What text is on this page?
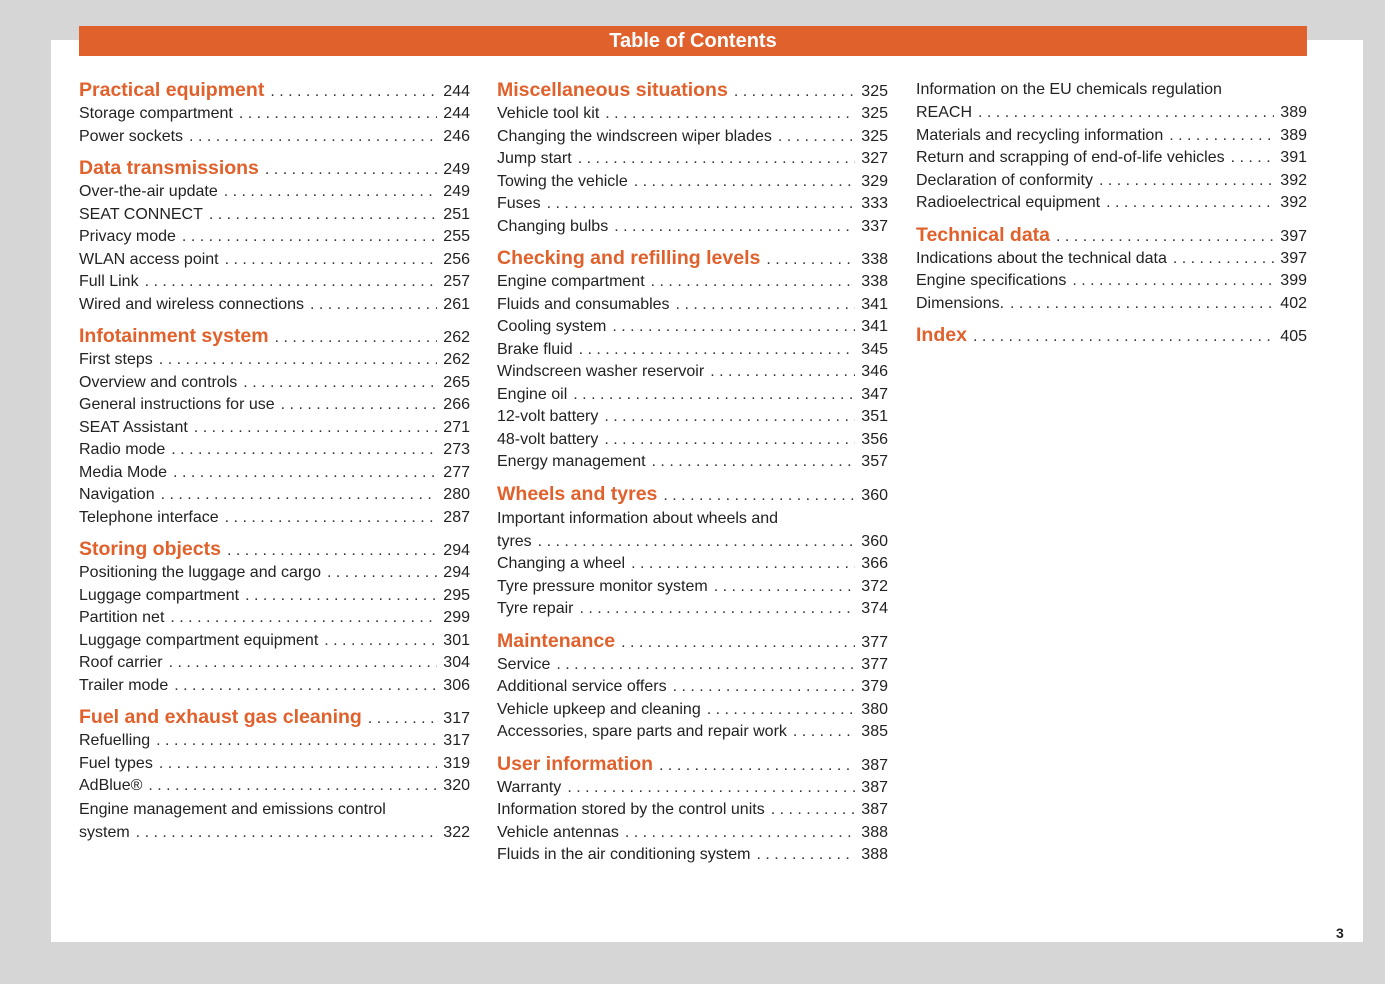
Table of Contents
Practical equipment . . .	244
Storage compartment . . .	244
Power sockets . . .	246
Data transmissions . . .	249
Over-the-air update . . .	249
SEAT CONNECT . . .	251
Privacy mode . . .	255
WLAN access point . . .	256
Full Link . . .	257
Wired and wireless connections . . .	261
Infotainment system . . .	262
First steps . . .	262
Overview and controls . . .	265
General instructions for use . . .	266
SEAT Assistant . . .	271
Radio mode . . .	273
Media Mode . . .	277
Navigation . . .	280
Telephone interface . . .	287
Storing objects . . .	294
Positioning the luggage and cargo . . .	294
Luggage compartment . . .	295
Partition net . . .	299
Luggage compartment equipment . . .	301
Roof carrier . . .	304
Trailer mode . . .	306
Fuel and exhaust gas cleaning . . .	317
Refuelling . . .	317
Fuel types . . .	319
AdBlue® . . .	320
Engine management and emissions control
system . . .	322
Miscellaneous situations . . .	325
Vehicle tool kit . . .	325
Changing the windscreen wiper blades . . .	325
Jump start . . .	327
Towing the vehicle . . .	329
Fuses . . .	333
Changing bulbs . . .	337
Checking and refilling levels . . .	338
Engine compartment . . .	338
Fluids and consumables . . .	341
Cooling system . . .	341
Brake fluid . . .	345
Windscreen washer reservoir . . .	346
Engine oil . . .	347
12-volt battery . . .	351
48-volt battery . . .	356
Energy management . . .	357
Wheels and tyres . . .	360
Important information about wheels and
tyres . . .	360
Changing a wheel . . .	366
Tyre pressure monitor system . . .	372
Tyre repair . . .	374
Maintenance . . .	377
Service . . .	377
Additional service offers . . .	379
Vehicle upkeep and cleaning . . .	380
Accessories, spare parts and repair work . . .	385
User information . . .	387
Warranty . . .	387
Information stored by the control units . . .	387
Vehicle antennas . . .	388
Fluids in the air conditioning system . . .	388
Information on the EU chemicals regulation
REACH . . .	389
Materials and recycling information . . .	389
Return and scrapping of end-of-life vehicles . . .	391
Declaration of conformity . . .	392
Radioelectrical equipment . . .	392
Technical data . . .	397
Indications about the technical data . . .	397
Engine specifications . . .	399
Dimensions. . . .	402
Index . . .	405
3
